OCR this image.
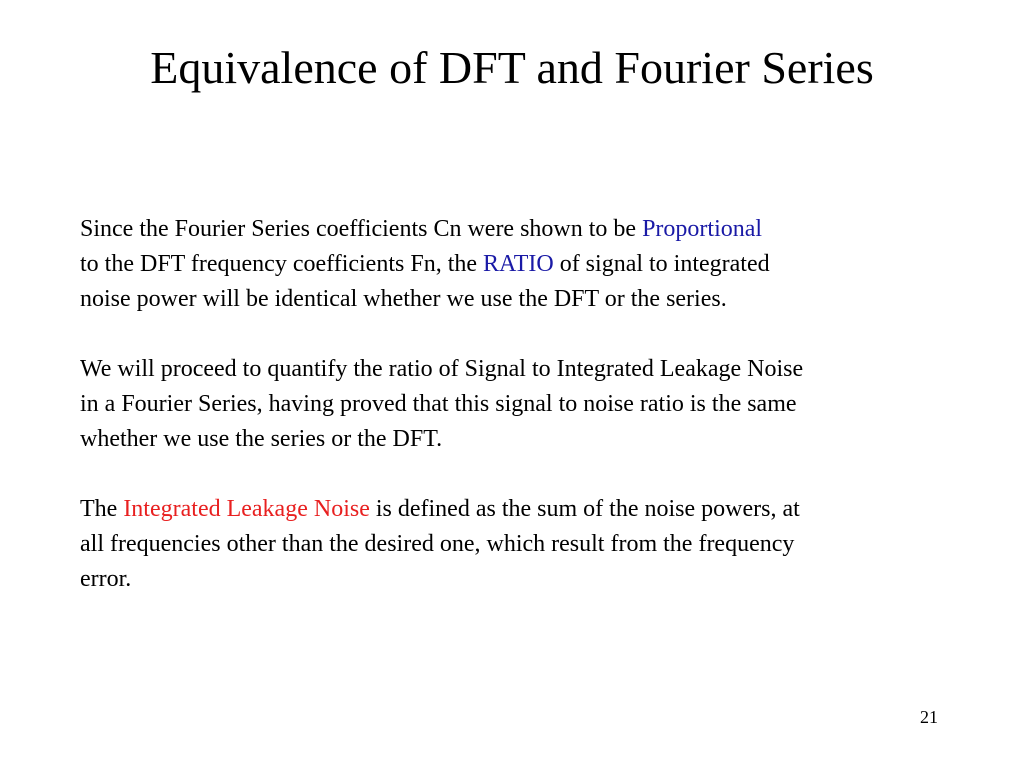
Equivalence of DFT and Fourier Series
Since the Fourier Series coefficients Cn were shown to be Proportional
to the DFT frequency coefficients Fn, the RATIO of signal to integrated
noise power will be identical whether we use the DFT or the series.
We will proceed to quantify the ratio of Signal to Integrated Leakage Noise
in a Fourier Series, having proved that this signal to noise ratio is the same
whether we use the series or the DFT.
The Integrated Leakage Noise is defined as the sum of the noise powers, at
all frequencies other than the desired one, which result from the frequency
error.
21
